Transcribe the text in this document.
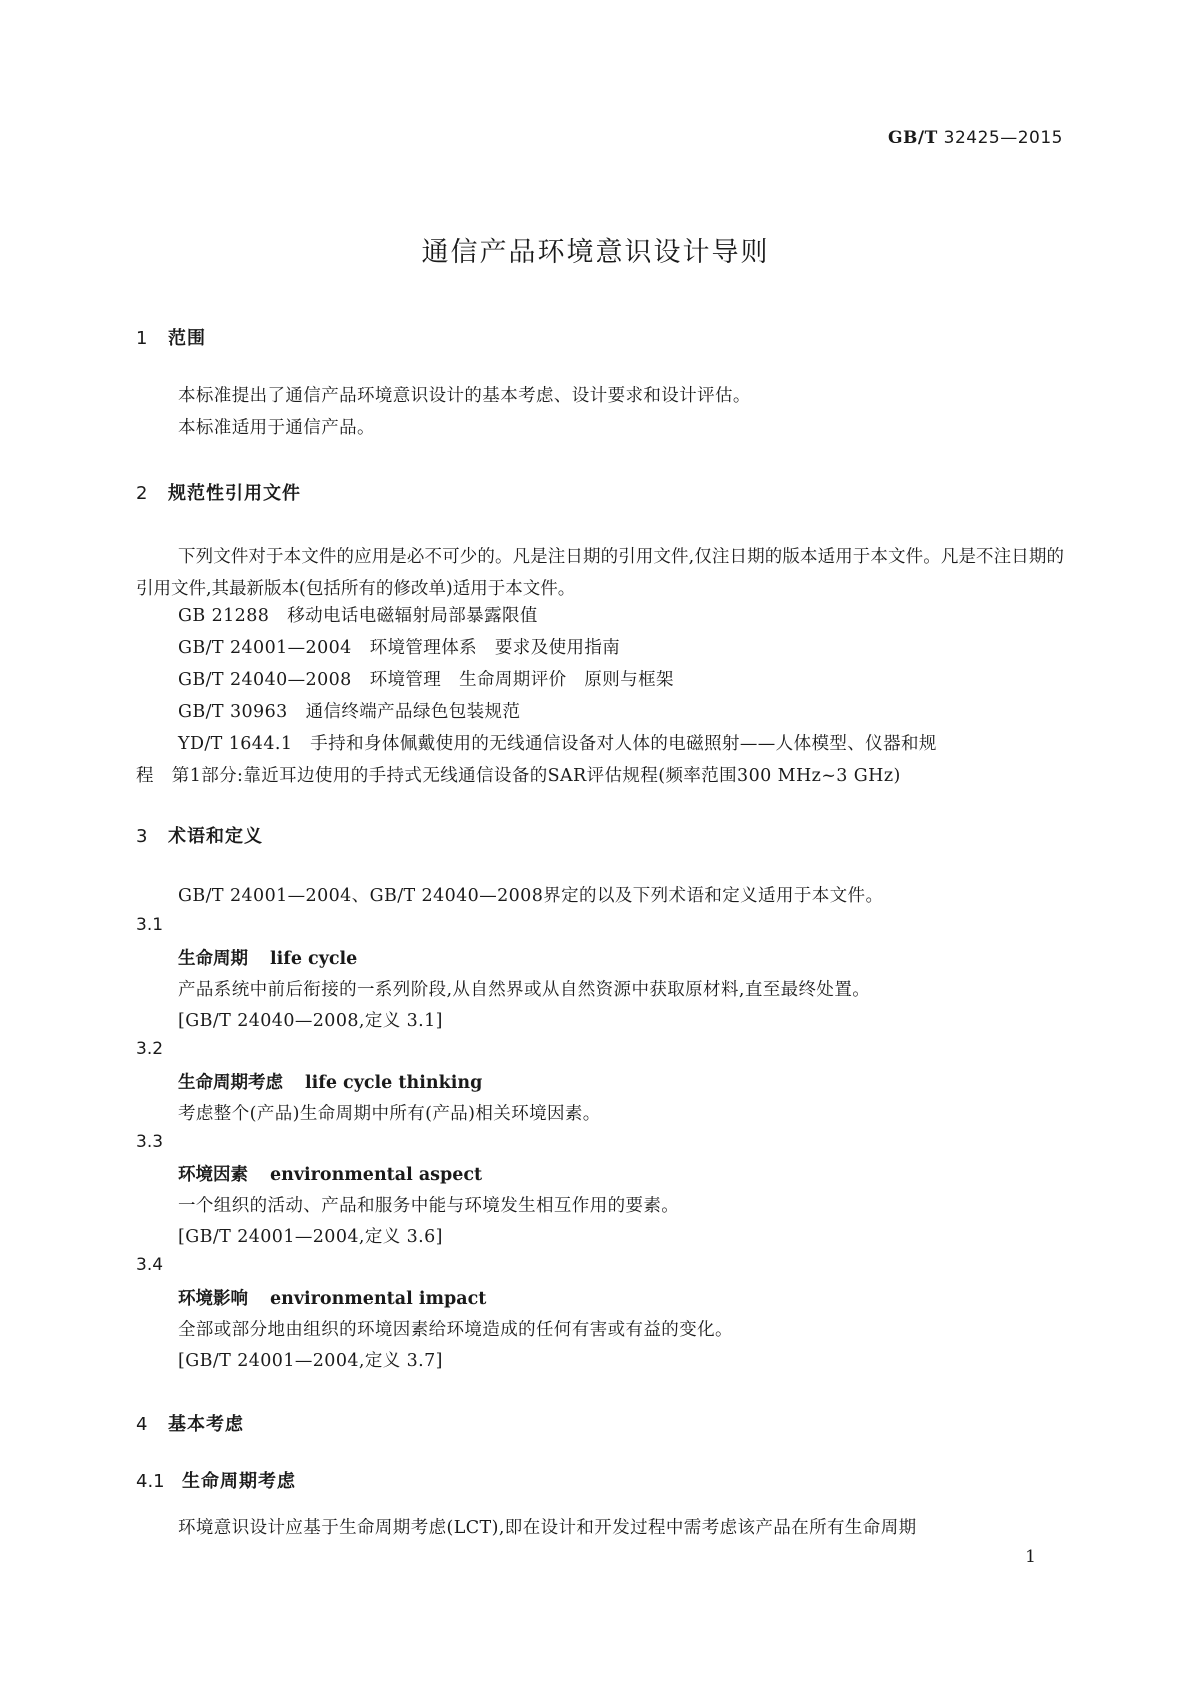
GB/T 32425—2015
通信产品环境意识设计导则
1 范围
本标准提出了通信产品环境意识设计的基本考虑、设计要求和设计评估。
本标准适用于通信产品。
2 规范性引用文件
下列文件对于本文件的应用是必不可少的。凡是注日期的引用文件,仅注日期的版本适用于本文件。凡是不注日期的引用文件,其最新版本(包括所有的修改单)适用于本文件。
GB 21288　 移动电话电磁辐射局部暴露限值
GB/T 24001—2004　 环境管理体系　要求及使用指南
GB/T 24040—2008　 环境管理　生命周期评价　原则与框架
GB/T 30963　 通信终端产品绿色包装规范
YD/T 1644.1　 手持和身体佩戴使用的无线通信设备对人体的电磁照射——人体模型、仪器和规
程　第1部分:靠近耳边使用的手持式无线通信设备的SAR评估规程(频率范围300 MHz~3 GHz)
3 术语和定义
GB/T 24001—2004、GB/T 24040—2008界定的以及下列术语和定义适用于本文件。
3.1
生命周期 life cycle
产品系统中前后衔接的一系列阶段,从自然界或从自然资源中获取原材料,直至最终处置。
[GB/T 24040—2008,定义 3.1]
3.2
生命周期考虑 life cycle thinking
考虑整个(产品)生命周期中所有(产品)相关环境因素。
3.3
环境因素 environmental aspect
一个组织的活动、产品和服务中能与环境发生相互作用的要素。
[GB/T 24001—2004,定义 3.6]
3.4
环境影响 environmental impact
全部或部分地由组织的环境因素给环境造成的任何有害或有益的变化。
[GB/T 24001—2004,定义 3.7]
4 基本考虑
4.1 生命周期考虑
环境意识设计应基于生命周期考虑(LCT),即在设计和开发过程中需考虑该产品在所有生命周期
1
